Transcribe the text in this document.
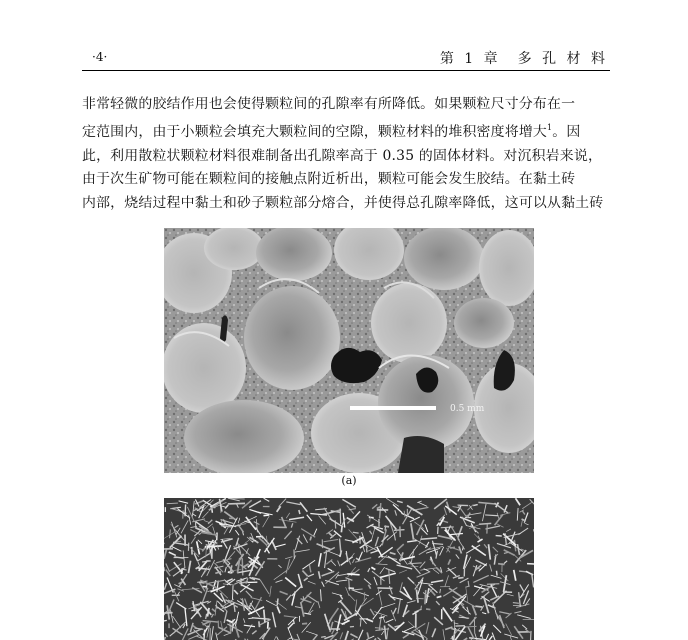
·4·	第 1 章　多 孔 材 料
非常轻微的胶结作用也会使得颗粒间的孔隙率有所降低。如果颗粒尺寸分布在一
定范围内，由于小颗粒会填充大颗粒间的空隙，颗粒材料的堆积密度将增大$^1$。因
此，利用散粒状颗粒材料很难制备出孔隙率高于 0.35 的固体材料。对沉积岩来说，
由于次生矿物可能在颗粒间的接触点附近析出，颗粒可能会发生胶结。在黏土砖
内部，烧结过程中黏土和砂子颗粒部分熔合，并使得总孔隙率降低，这可以从黏土砖
0.5 mm
(a)
